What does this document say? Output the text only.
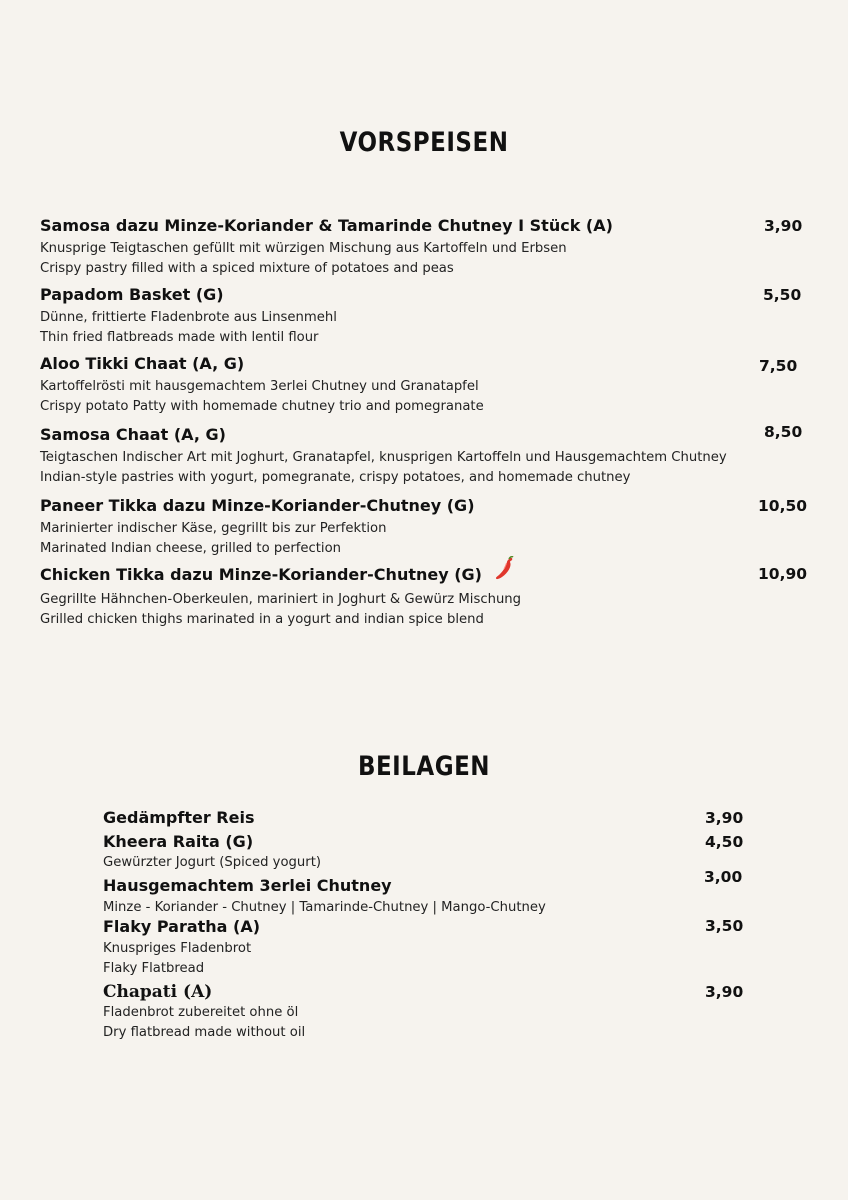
VORSPEISEN
Samosa dazu Minze-Koriander & Tamarinde Chutney I Stück (A)
Knusprige Teigtaschen gefüllt mit würzigen Mischung aus Kartoffeln und Erbsen
Crispy pastry filled with a spiced mixture of potatoes and peas
3,90
Papadom Basket (G)
Dünne, frittierte Fladenbrote aus Linsenmehl
Thin fried flatbreads made with lentil flour
5,50
Aloo Tikki Chaat (A, G)
Kartoffelrösti mit hausgemachtem 3erlei Chutney und Granatapfel
Crispy potato Patty with homemade chutney trio and pomegranate
7,50
Samosa Chaat (A, G)
Teigtaschen Indischer Art mit Joghurt, Granatapfel, knusprigen Kartoffeln und Hausgemachtem Chutney
Indian-style pastries with yogurt, pomegranate, crispy potatoes, and homemade chutney
8,50
Paneer Tikka dazu Minze-Koriander-Chutney (G)
Marinierter indischer Käse, gegrillt bis zur Perfektion
Marinated Indian cheese, grilled to perfection
10,50
Chicken Tikka dazu Minze-Koriander-Chutney (G)
Gegrillte Hähnchen-Oberkeulen, mariniert in Joghurt & Gewürz Mischung
Grilled chicken thighs marinated in a yogurt and indian spice blend
10,90
BEILAGEN
Gedämpfter Reis	3,90
Kheera Raita (G)
Gewürzter Jogurt (Spiced yogurt)
4,50
Hausgemachtem 3erlei Chutney
Minze - Koriander - Chutney | Tamarinde-Chutney | Mango-Chutney
3,00
Flaky Paratha (A)
Knuspriges Fladenbrot
Flaky Flatbread
3,50
Chapati (A)
Fladenbrot zubereitet ohne öl
Dry flatbread made without oil
3,90
